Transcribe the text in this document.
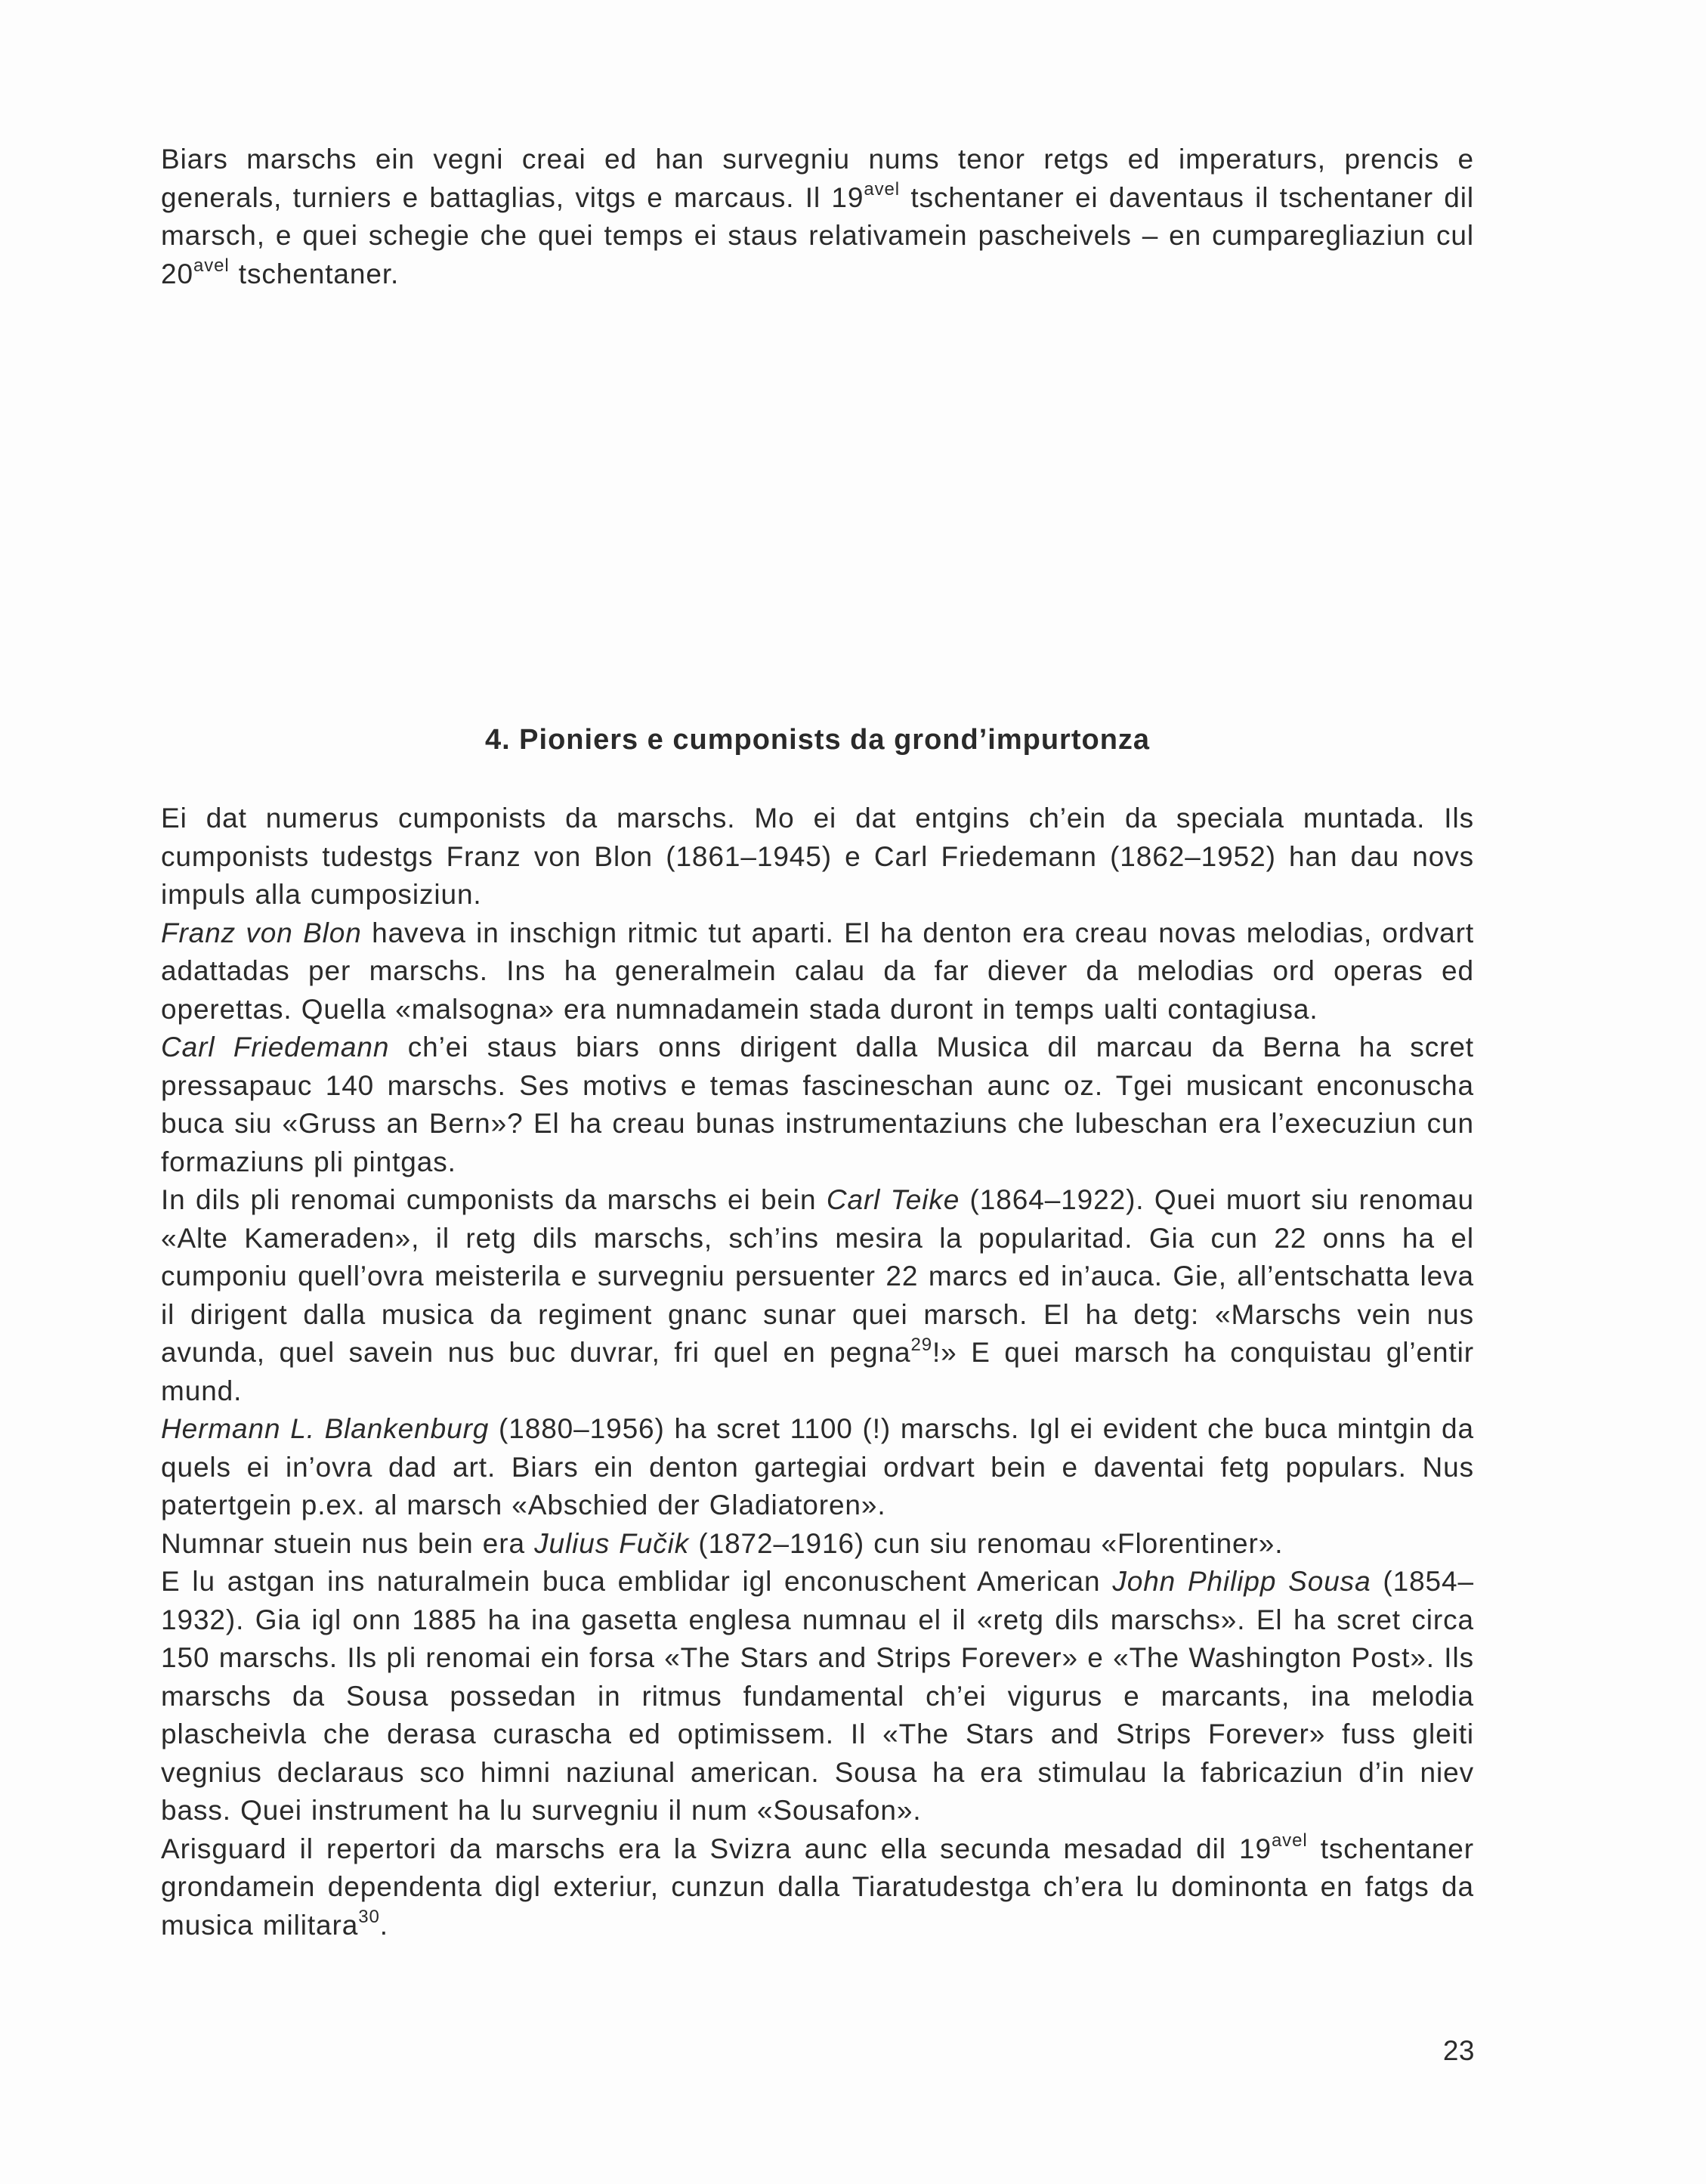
Biars marschs ein vegni creai ed han survegniu nums tenor retgs ed imperaturs, prencis e generals, turniers e battaglias, vitgs e marcaus. Il $19^{avel}$ tschentaner ei daventaus il tschentaner dil marsch, e quei schegie che quei temps ei staus relativamein pascheivels – en cumparegliaziun cul $20^{avel}$ tschentaner.

4. Pioniers e cumponists da grond’impurtonza

Ei dat numerus cumponists da marschs. Mo ei dat entgins ch’ein da speciala muntada. Ils cumponists tudestgs Franz von Blon (1861–1945) e Carl Friedemann (1862–1952) han dau novs impuls alla cumposiziun.

Franz von Blon haveva in inschign ritmic tut aparti. El ha denton era creau novas melodias, ordvart adattadas per marschs. Ins ha generalmein calau da far diever da melodias ord operas ed operettas. Quella «malsogna» era numnadamein stada duront in temps ualti contagiusa.

Carl Friedemann ch’ei staus biars onns dirigent dalla Musica dil marcau da Berna ha scret pressapauc 140 marschs. Ses motivs e temas fascineschan aunc oz. Tgei musicant enconuscha buca siu «Gruss an Bern»? El ha creau bunas instrumentaziuns che lubeschan era l’execuziun cun formaziuns pli pintgas.

In dils pli renomai cumponists da marschs ei bein Carl Teike (1864–1922). Quei muort siu renomau «Alte Kameraden», il retg dils marschs, sch’ins mesira la popularitad. Gia cun 22 onns ha el cumponiu quell’ovra meisterila e survegniu persuenter 22 marcs ed in’auca. Gie, all’entschatta leva il dirigent dalla musica da regiment gnanc sunar quei marsch. El ha detg: «Marschs vein nus avunda, quel savein nus buc duvrar, fri quel en pegna$^{29}$!» E quei marsch ha conquistau gl’entir mund.

Hermann L. Blankenburg (1880–1956) ha scret 1100 (!) marschs. Igl ei evident che buca mintgin da quels ei in’ovra dad art. Biars ein denton gartegiai ordvart bein e daventai fetg populars. Nus patertgein p.ex. al marsch «Abschied der Gladiatoren».

Numnar stuein nus bein era Julius Fučik (1872–1916) cun siu renomau «Florentiner».

E lu astgan ins naturalmein buca emblidar igl enconuschent American John Philipp Sousa (1854–1932). Gia igl onn 1885 ha ina gasetta englesa numnau el il «retg dils marschs». El ha scret circa 150 marschs. Ils pli renomai ein forsa «The Stars and Strips Forever» e «The Washington Post». Ils marschs da Sousa possedan in ritmus fundamental ch’ei vigurus e marcants, ina melodia plascheivla che derasa curascha ed optimissem. Il «The Stars and Strips Forever» fuss gleiti vegnius declaraus sco himni naziunal american. Sousa ha era stimulau la fabricaziun d’in niev bass. Quei instrument ha lu survegniu il num «Sousafon».

Arisguard il repertori da marschs era la Svizra aunc ella secunda mesadad dil $19^{avel}$ tschentaner grondamein dependenta digl exteriur, cunzun dalla Tiaratudestga ch’era lu dominonta en fatgs da musica militara$^{30}$.

23
